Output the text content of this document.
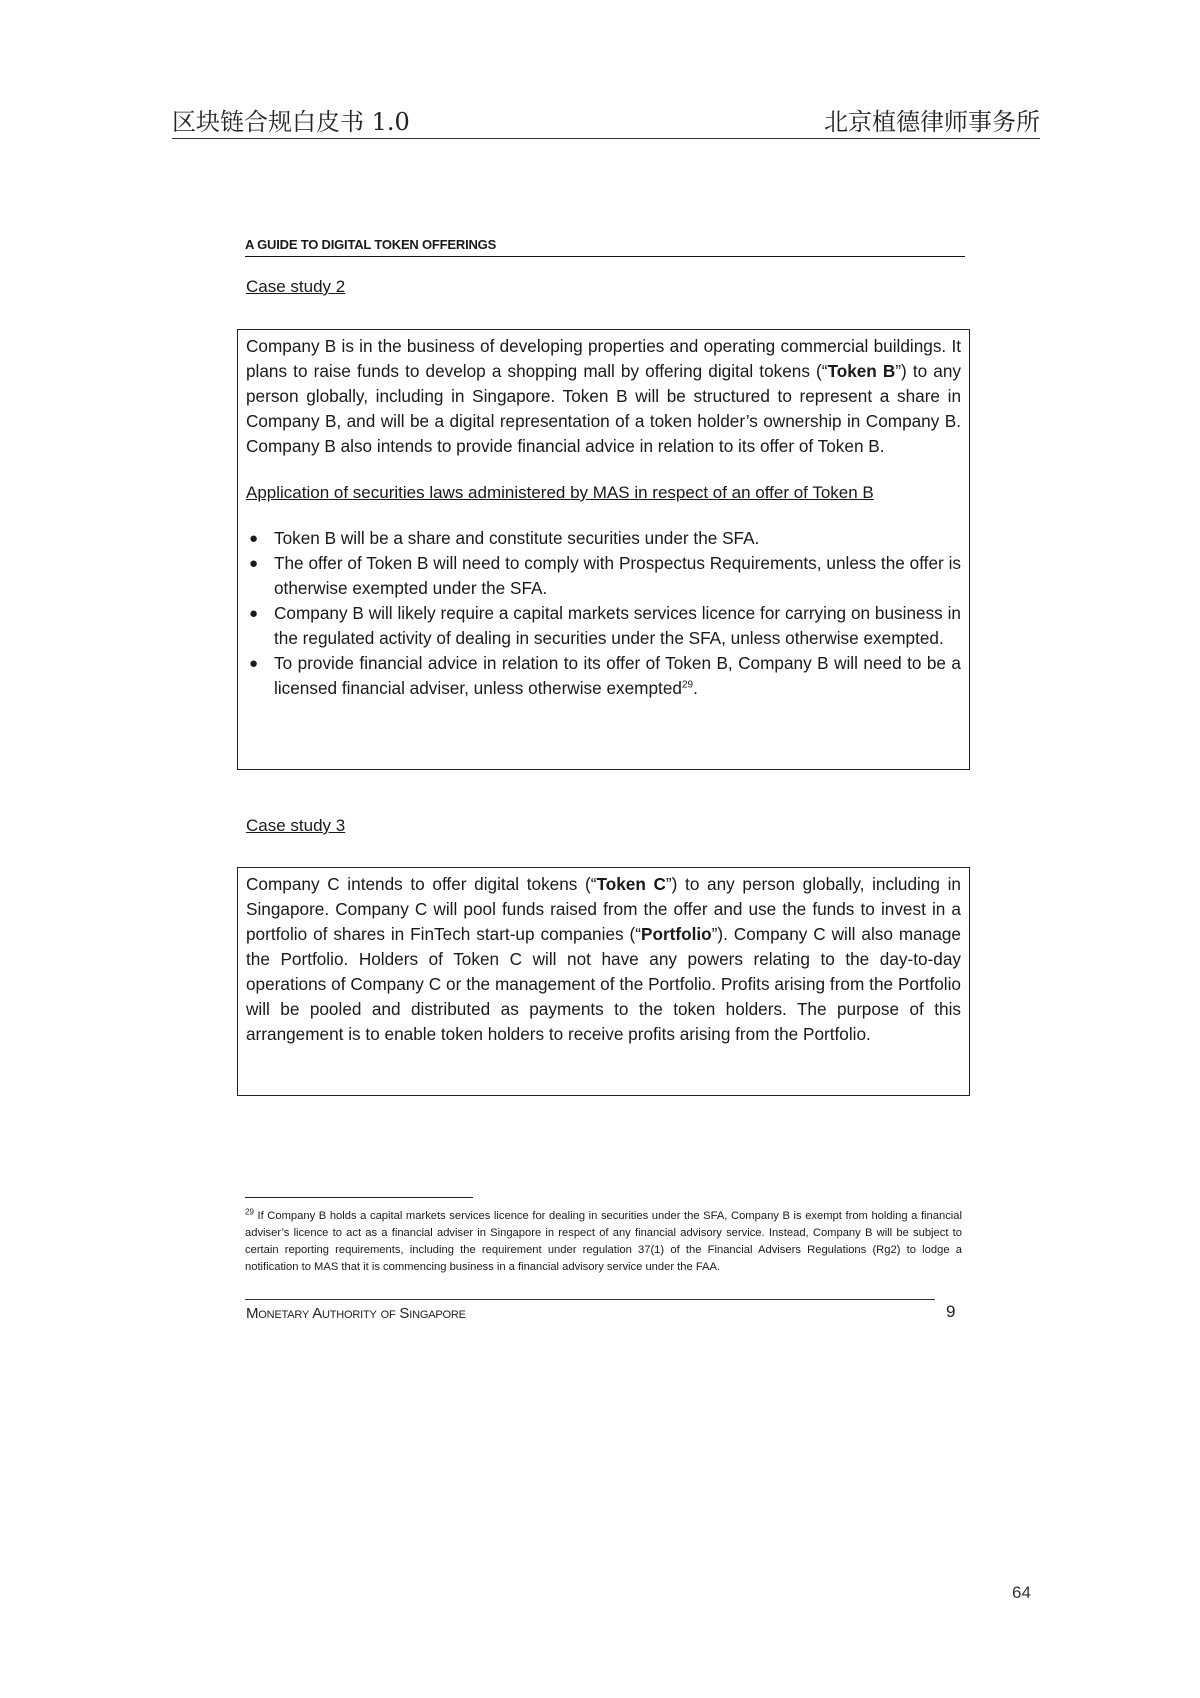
区块链合规白皮书 1.0	北京植德律师事务所
A GUIDE TO DIGITAL TOKEN OFFERINGS
Case study 2

Company B is in the business of developing properties and operating commercial buildings. It plans to raise funds to develop a shopping mall by offering digital tokens (“Token B”) to any person globally, including in Singapore. Token B will be structured to represent a share in Company B, and will be a digital representation of a token holder’s ownership in Company B. Company B also intends to provide financial advice in relation to its offer of Token B.

Application of securities laws administered by MAS in respect of an offer of Token B
● Token B will be a share and constitute securities under the SFA.
● The offer of Token B will need to comply with Prospectus Requirements, unless the offer is otherwise exempted under the SFA.
● Company B will likely require a capital markets services licence for carrying on business in the regulated activity of dealing in securities under the SFA, unless otherwise exempted.
● To provide financial advice in relation to its offer of Token B, Company B will need to be a licensed financial adviser, unless otherwise exempted$^{29}$.
Case study 3

Company C intends to offer digital tokens (“Token C”) to any person globally, including in Singapore. Company C will pool funds raised from the offer and use the funds to invest in a portfolio of shares in FinTech start-up companies (“Portfolio”). Company C will also manage the Portfolio. Holders of Token C will not have any powers relating to the day-to-day operations of Company C or the management of the Portfolio. Profits arising from the Portfolio will be pooled and distributed as payments to the token holders. The purpose of this arrangement is to enable token holders to receive profits arising from the Portfolio.

$^{29}$ If Company B holds a capital markets services licence for dealing in securities under the SFA, Company B is exempt from holding a financial adviser’s licence to act as a financial adviser in Singapore in respect of any financial advisory service. Instead, Company B will be subject to certain reporting requirements, including the requirement under regulation 37(1) of the Financial Advisers Regulations (Rg2) to lodge a notification to MAS that it is commencing business in a financial advisory service under the FAA.
Monetary Authority of Singapore	9
64
